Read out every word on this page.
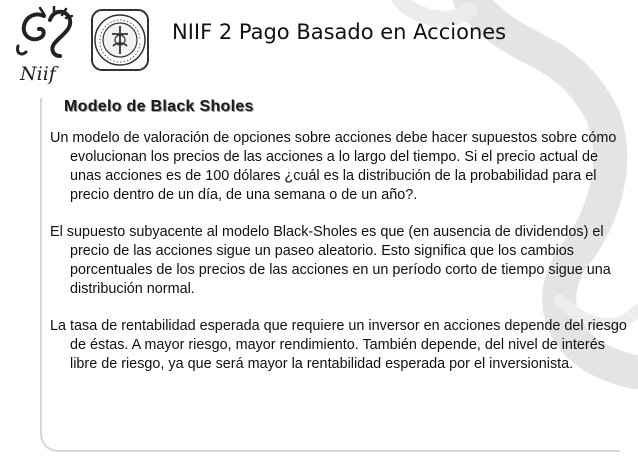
Niif
NIIF 2 Pago Basado en Acciones
Modelo de Black Sholes

Un modelo de valoración de opciones sobre acciones debe hacer supuestos sobre cómo evolucionan los precios de las acciones a lo largo del tiempo. Si el precio actual de unas acciones es de 100 dólares ¿cuál es la distribución de la probabilidad para el precio dentro de un día, de una semana o de un año?.

El supuesto subyacente al modelo Black-Sholes es que (en ausencia de dividendos) el precio de las acciones sigue un paseo aleatorio. Esto significa que los cambios porcentuales de los precios de las acciones en un período corto de tiempo sigue una distribución normal.

La tasa de rentabilidad esperada que requiere un inversor en acciones depende del riesgo de éstas. A mayor riesgo, mayor rendimiento. También depende, del nivel de interés libre de riesgo, ya que será mayor la rentabilidad esperada por el inversionista.
